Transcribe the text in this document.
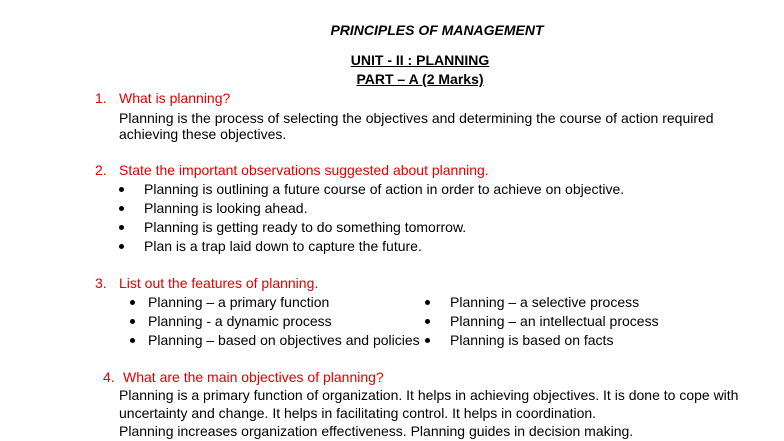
PRINCIPLES OF MANAGEMENT
UNIT - II : PLANNING
PART – A (2 Marks)
1. What is planning?
Planning is the process of selecting the objectives and determining the course of action required achieving these objectives.
2. State the important observations suggested about planning.
Planning is outlining a future course of action in order to achieve on objective.
Planning is looking ahead.
Planning is getting ready to do something tomorrow.
Plan is a trap laid down to capture the future.
3. List out the features of planning.
Planning – a primary function
Planning - a dynamic process
Planning – based on objectives and policies
Planning – a selective process
Planning – an intellectual process
Planning is based on facts
4. What are the main objectives of planning?
Planning is a primary function of organization. It helps in achieving objectives. It is done to cope with
uncertainty and change. It helps in facilitating control. It helps in coordination.
Planning increases organization effectiveness. Planning guides in decision making.
